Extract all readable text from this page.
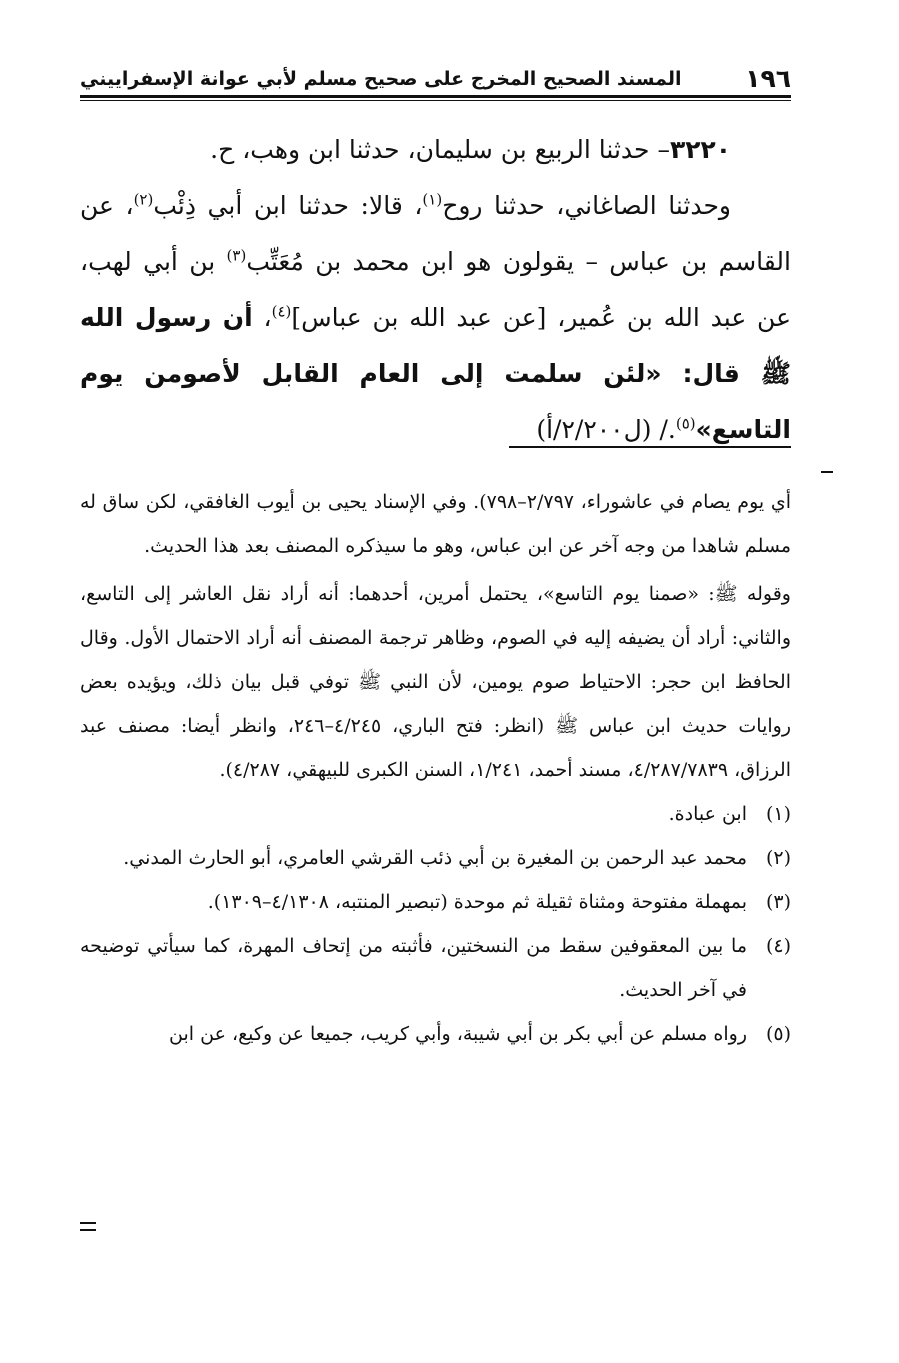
١٩٦
المسند الصحيح المخرج على صحيح مسلم لأبي عوانة الإسفراييني

٣٢٢٠– حدثنا الربيع بن سليمان، حدثنا ابن وهب، ح.

وحدثنا الصاغاني، حدثنا روح$^{(١)}$، قالا: حدثنا ابن أبي ذِئْب$^{(٢)}$، عن القاسم بن عباس – يقولون هو ابن محمد بن مُعَتِّب$^{(٣)}$ بن أبي لهب، عن عبد الله بن عُمير، [عن عبد الله بن عباس]$^{(٤)}$، أن رسول الله ﷺ قال: «لئن سلمت إلى العام القابل لأصومن يوم التاسع»$^{(٥)}$./ (ل٢/٢٠٠/أ)

أي يوم يصام في عاشوراء، ٢/٧٩٧–٧٩٨). وفي الإسناد يحيى بن أيوب الغافقي، لكن ساق له مسلم شاهدا من وجه آخر عن ابن عباس، وهو ما سيذكره المصنف بعد هذا الحديث.

وقوله ﷺ: «صمنا يوم التاسع»، يحتمل أمرين، أحدهما: أنه أراد نقل العاشر إلى التاسع، والثاني: أراد أن يضيفه إليه في الصوم، وظاهر ترجمة المصنف أنه أراد الاحتمال الأول. وقال الحافظ ابن حجر: الاحتياط صوم يومين، لأن النبي ﷺ توفي قبل بيان ذلك، ويؤيده بعض روايات حديث ابن عباس ﷺ (انظر: فتح الباري، ٤/٢٤٥–٢٤٦، وانظر أيضا: مصنف عبد الرزاق، ٤/٢٨٧/٧٨٣٩، مسند أحمد، ١/٢٤١، السنن الكبرى للبيهقي، ٤/٢٨٧).

(١)
ابن عبادة.
(٢)
محمد عبد الرحمن بن المغيرة بن أبي ذئب القرشي العامري، أبو الحارث المدني.
(٣)
بمهملة مفتوحة ومثناة ثقيلة ثم موحدة (تبصير المنتبه، ٤/١٣٠٨–١٣٠٩).
(٤)
ما بين المعقوفين سقط من النسختين، فأثبته من إتحاف المهرة، كما سيأتي توضيحه في آخر الحديث.
(٥)
رواه مسلم عن أبي بكر بن أبي شيبة، وأبي كريب، جميعا عن وكيع، عن ابن
